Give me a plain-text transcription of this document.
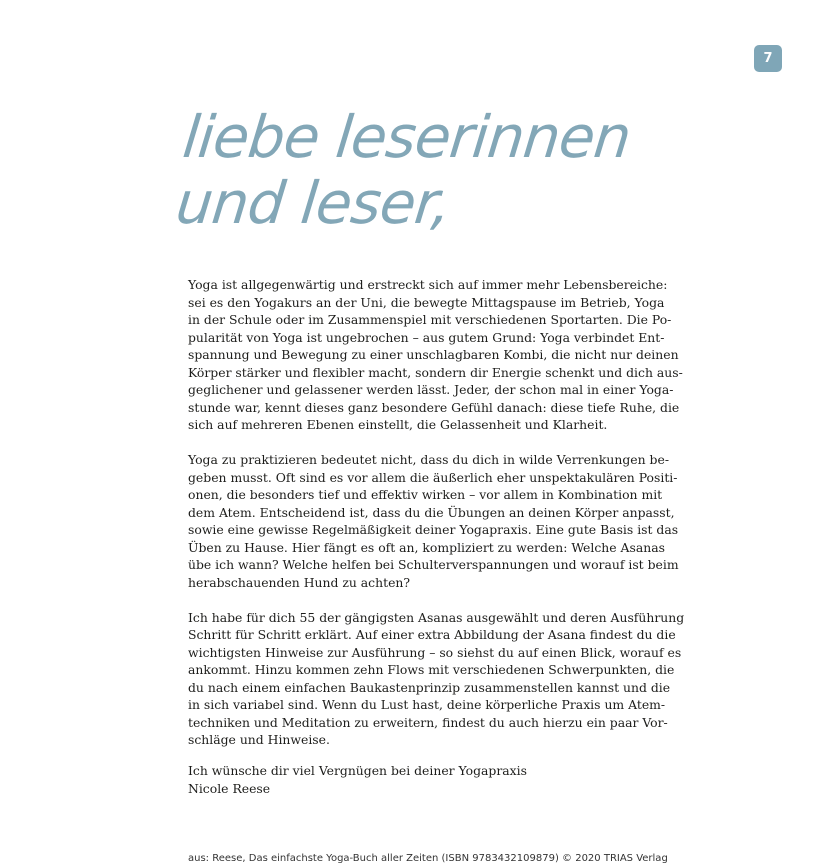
7
liebe leserinnen
und leser,

Yoga ist allgegenwärtig und erstreckt sich auf immer mehr Lebensbereiche:
sei es den Yogakurs an der Uni, die bewegte Mittagspause im Betrieb, Yoga
in der Schule oder im Zusammenspiel mit verschiedenen Sportarten. Die Po-
pularität von Yoga ist ungebrochen – aus gutem Grund: Yoga verbindet Ent-
spannung und Bewegung zu einer unschlagbaren Kombi, die nicht nur deinen
Körper stärker und flexibler macht, sondern dir Energie schenkt und dich aus-
geglichener und gelassener werden lässt. Jeder, der schon mal in einer Yoga-
stunde war, kennt dieses ganz besondere Gefühl danach: diese tiefe Ruhe, die
sich auf mehreren Ebenen einstellt, die Gelassenheit und Klarheit.

Yoga zu praktizieren bedeutet nicht, dass du dich in wilde Verrenkungen be-
geben musst. Oft sind es vor allem die äußerlich eher unspektakulären Positi-
onen, die besonders tief und effektiv wirken – vor allem in Kombination mit
dem Atem. Entscheidend ist, dass du die Übungen an deinen Körper anpasst,
sowie eine gewisse Regelmäßigkeit deiner Yogapraxis. Eine gute Basis ist das
Üben zu Hause. Hier fängt es oft an, kompliziert zu werden: Welche Asanas
übe ich wann? Welche helfen bei Schulterverspannungen und worauf ist beim
herabschauenden Hund zu achten?

Ich habe für dich 55 der gängigsten Asanas ausgewählt und deren Ausführung
Schritt für Schritt erklärt. Auf einer extra Abbildung der Asana findest du die
wichtigsten Hinweise zur Ausführung – so siehst du auf einen Blick, worauf es
ankommt. Hinzu kommen zehn Flows mit verschiedenen Schwerpunkten, die
du nach einem einfachen Baukastenprinzip zusammenstellen kannst und die
in sich variabel sind. Wenn du Lust hast, deine körperliche Praxis um Atem-
techniken und Meditation zu erweitern, findest du auch hierzu ein paar Vor-
schläge und Hinweise.

Ich wünsche dir viel Vergnügen bei deiner Yogapraxis
Nicole Reese
aus: Reese, Das einfachste Yoga-Buch aller Zeiten (ISBN 9783432109879) © 2020 TRIAS Verlag
